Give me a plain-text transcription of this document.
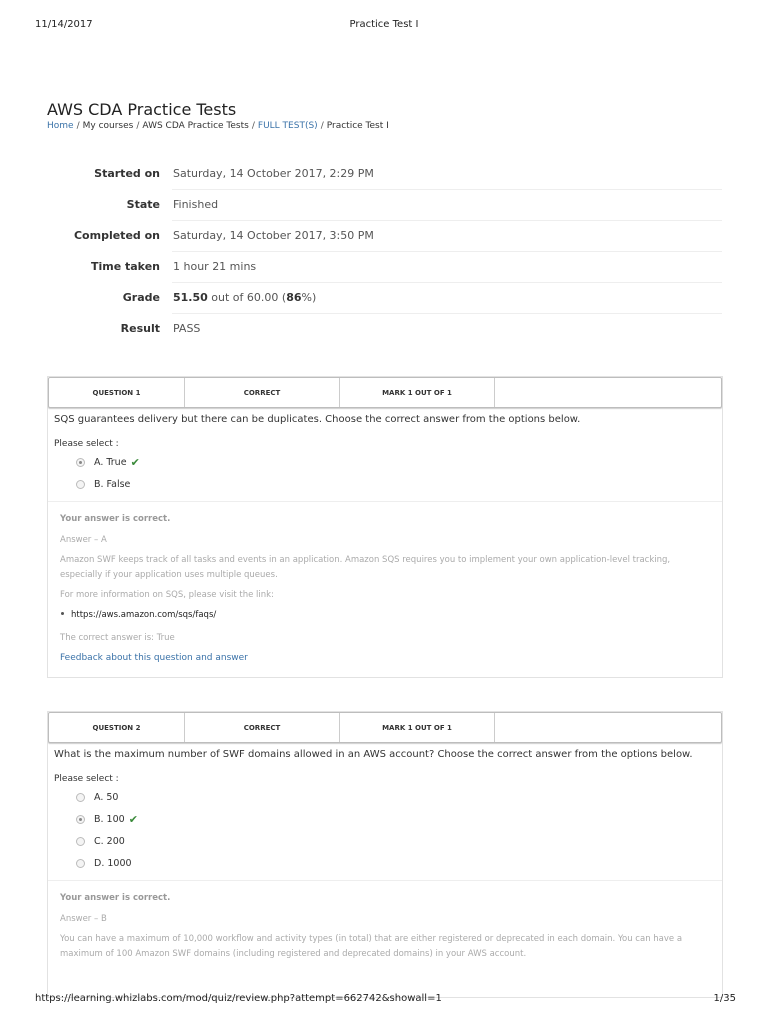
11/14/2017	Practice Test I
AWS CDA Practice Tests
Home / My courses / AWS CDA Practice Tests / FULL TEST(S) / Practice Test I
Started on	Saturday, 14 October 2017, 2:29 PM
State	Finished
Completed on	Saturday, 14 October 2017, 3:50 PM
Time taken	1 hour 21 mins
Grade	51.50 out of 60.00 (86%)
Result	PASS
QUESTION 1	CORRECT	MARK 1 OUT OF 1
SQS guarantees delivery but there can be duplicates. Choose the correct answer from the options below.
Please select :
A. True ✔
B. False
Your answer is correct.

Answer – A

Amazon SWF keeps track of all tasks and events in an application. Amazon SQS requires you to implement your own application-level tracking, especially if your application uses multiple queues.

For more information on SQS, please visit the link:

https://aws.amazon.com/sqs/faqs/

The correct answer is: True

Feedback about this question and answer

QUESTION 2	CORRECT	MARK 1 OUT OF 1
What is the maximum number of SWF domains allowed in an AWS account? Choose the correct answer from the options below.
Please select :
A. 50
B. 100 ✔
C. 200
D. 1000
Your answer is correct.

Answer – B

You can have a maximum of 10,000 workflow and activity types (in total) that are either registered or deprecated in each domain. You can have a maximum of 100 Amazon SWF domains (including registered and deprecated domains) in your AWS account.

https://learning.whizlabs.com/mod/quiz/review.php?attempt=662742&showall=1	1/35
